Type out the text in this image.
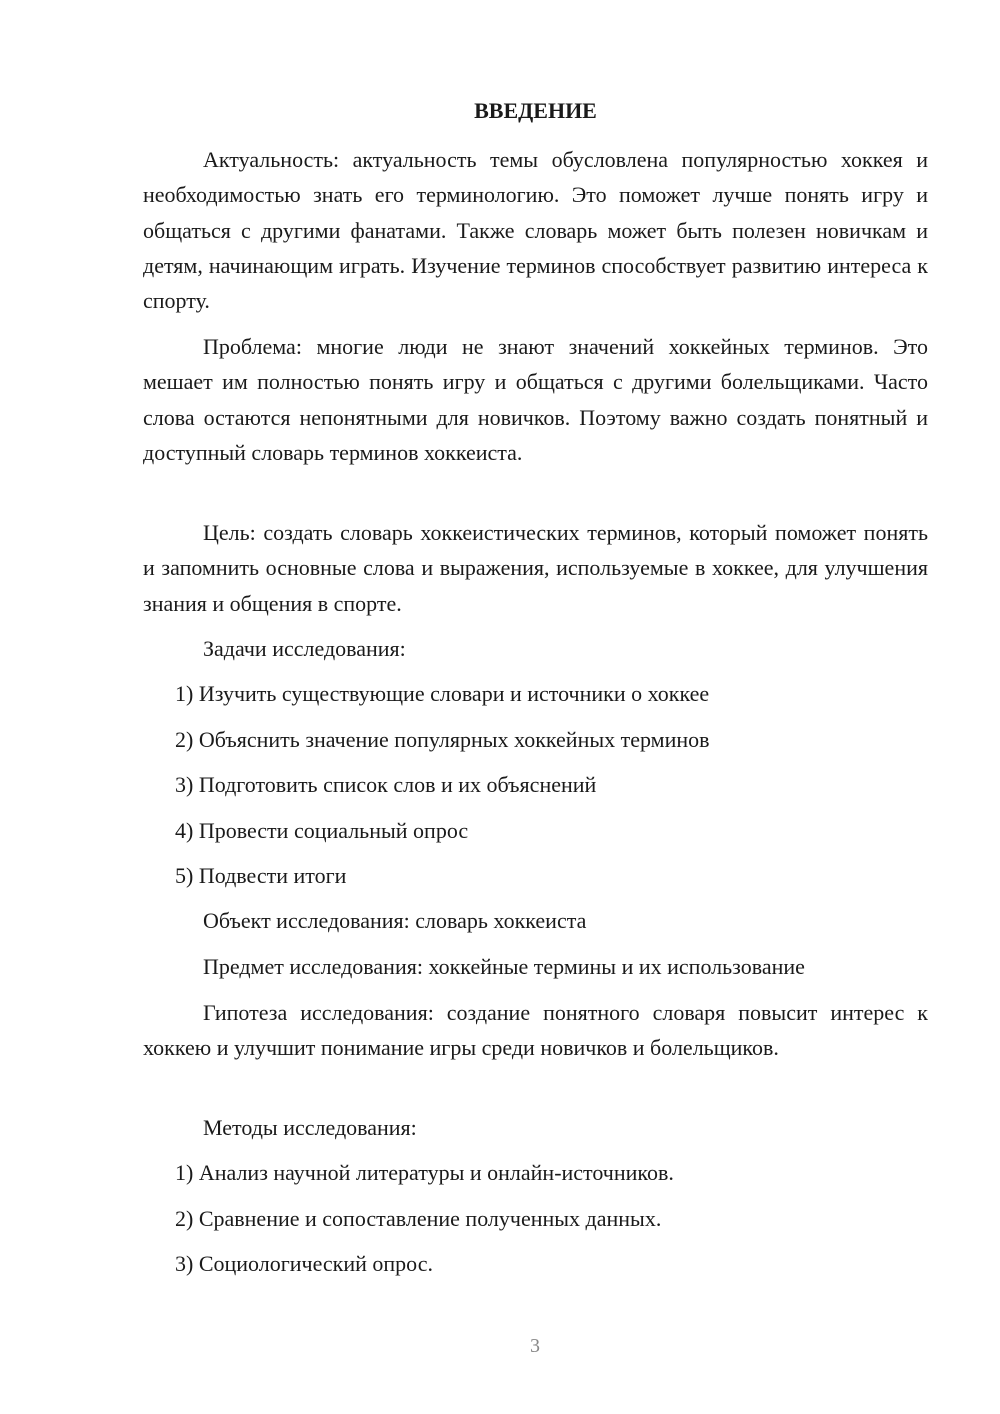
ВВЕДЕНИЕ
Актуальность: актуальность темы обусловлена популярностью хоккея и необходимостью знать его терминологию. Это поможет лучше понять игру и общаться с другими фанатами. Также словарь может быть полезен новичкам и детям, начинающим играть. Изучение терминов способствует развитию интереса к спорту.
Проблема: многие люди не знают значений хоккейных терминов. Это мешает им полностью понять игру и общаться с другими болельщиками. Часто слова остаются непонятными для новичков. Поэтому важно создать понятный и доступный словарь терминов хоккеиста.
Цель: создать словарь хоккеистических терминов, который поможет понять и запомнить основные слова и выражения, используемые в хоккее, для улучшения знания и общения в спорте.
Задачи исследования:
1) Изучить существующие словари и источники о хоккее
2) Объяснить значение популярных хоккейных терминов
3) Подготовить список слов и их объяснений
4) Провести социальный опрос
5) Подвести итоги
Объект исследования: словарь хоккеиста
Предмет исследования: хоккейные термины и их использование
Гипотеза исследования: создание понятного словаря повысит интерес к хоккею и улучшит понимание игры среди новичков и болельщиков.
Методы исследования:
1) Анализ научной литературы и онлайн-источников.
2) Сравнение и сопоставление полученных данных.
3) Социологический опрос.
3
